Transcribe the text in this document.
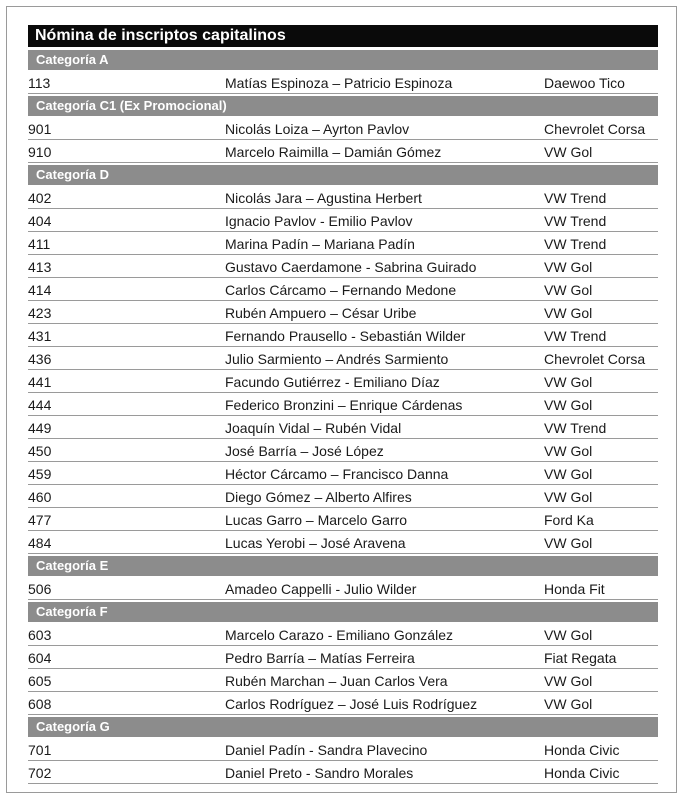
Nómina de inscriptos capitalinos
Categoría A
113	Matías Espinoza – Patricio Espinoza	Daewoo Tico
Categoría C1 (Ex Promocional)
901	Nicolás Loiza – Ayrton Pavlov	Chevrolet Corsa
910	Marcelo Raimilla – Damián Gómez	VW Gol
Categoría D
402	Nicolás Jara – Agustina Herbert	VW Trend
404	Ignacio Pavlov - Emilio Pavlov	VW Trend
411	Marina Padín – Mariana Padín	VW Trend
413	Gustavo Caerdamone - Sabrina Guirado	VW Gol
414	Carlos Cárcamo – Fernando Medone	VW Gol
423	Rubén Ampuero – César Uribe	VW Gol
431	Fernando Prausello - Sebastián Wilder	VW Trend
436	Julio Sarmiento – Andrés Sarmiento	Chevrolet Corsa
441	Facundo Gutiérrez - Emiliano Díaz	VW Gol
444	Federico Bronzini – Enrique Cárdenas	VW Gol
449	Joaquín Vidal – Rubén Vidal	VW Trend
450	José Barría – José López	VW Gol
459	Héctor Cárcamo – Francisco Danna	VW Gol
460	Diego Gómez – Alberto Alfires	VW Gol
477	Lucas Garro – Marcelo Garro	Ford Ka
484	Lucas Yerobi – José Aravena	VW Gol
Categoría E
506	Amadeo Cappelli - Julio Wilder	Honda Fit
Categoría F
603	Marcelo Carazo - Emiliano González	VW Gol
604	Pedro Barría – Matías Ferreira	Fiat Regata
605	Rubén Marchan – Juan Carlos Vera	VW Gol
608	Carlos Rodríguez – José Luis Rodríguez	VW Gol
Categoría G
701	Daniel Padín - Sandra Plavecino	Honda Civic
702	Daniel Preto - Sandro Morales	Honda Civic
